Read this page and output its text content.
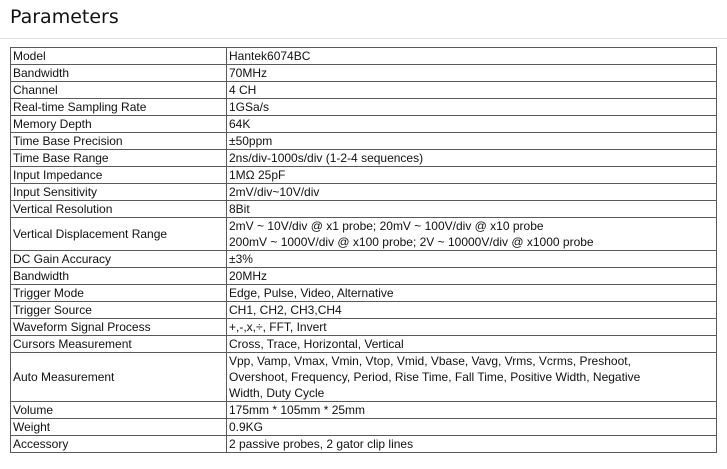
Parameters
Model	Hantek6074BC

Bandwidth	70MHz

Channel	4 CH

Real-time Sampling Rate	1GSa/s

Memory Depth	64K

Time Base Precision	±50ppm

Time Base Range	2ns/div-1000s/div (1-2-4 sequences)

Input Impedance	1MΩ 25pF

Input Sensitivity	2mV/div~10V/div

Vertical Resolution	8Bit

Vertical Displacement Range	2mV ~ 10V/div @ x1 probe; 20mV ~ 100V/div @ x10 probe
200mV ~ 1000V/div @ x100 probe; 2V ~ 10000V/div @ x1000 probe

DC Gain Accuracy	±3%

Bandwidth	20MHz

Trigger Mode	Edge, Pulse, Video, Alternative

Trigger Source	CH1, CH2, CH3,CH4

Waveform Signal Process	+,-,x,÷, FFT, Invert

Cursors Measurement	Cross, Trace, Horizontal, Vertical

Auto Measurement	Vpp, Vamp, Vmax, Vmin, Vtop, Vmid, Vbase, Vavg, Vrms, Vcrms, Preshoot,
Overshoot, Frequency, Period, Rise Time, Fall Time, Positive Width, Negative
Width, Duty Cycle

Volume	175mm * 105mm * 25mm

Weight	0.9KG

Accessory	2 passive probes, 2 gator clip lines
